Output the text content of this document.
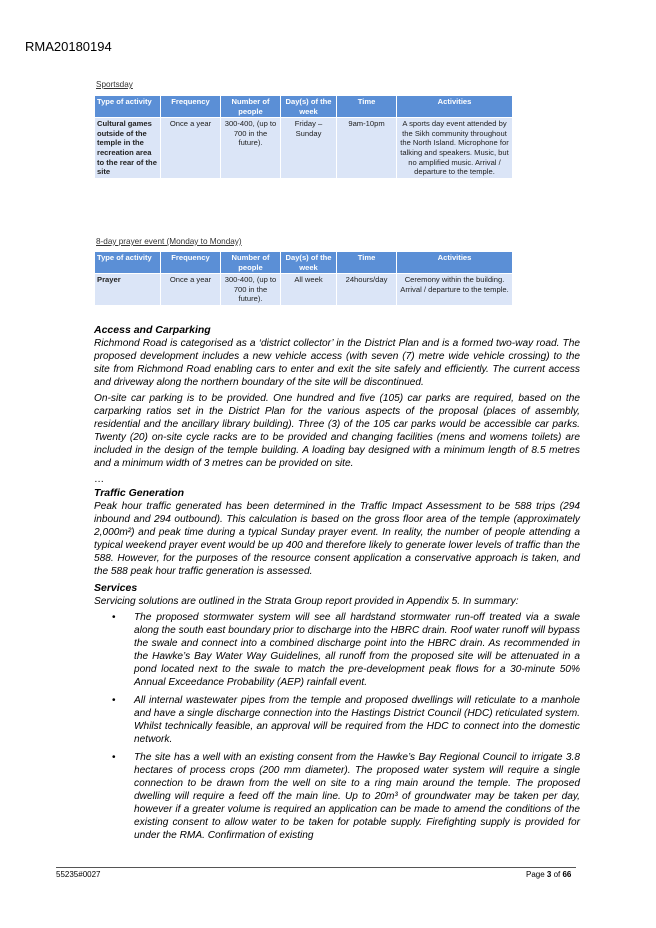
RMA20180194
Sportsday
Type of activity	Frequency	Number of people	Day(s) of the week	Time	Activities
Cultural games outside of the temple in the recreation area to the rear of the site	Once a year	300-400, (up to 700 in the future).	Friday – Sunday	9am-10pm	A sports day event attended by the Sikh community throughout the North Island. Microphone for talking and speakers. Music, but no amplified music. Arrival / departure to the temple.
8-day prayer event (Monday to Monday)
Type of activity	Frequency	Number of people	Day(s) of the week	Time	Activities
Prayer	Once a year	300-400, (up to 700 in the future).	All week	24hours/day	Ceremony within the building. Arrival / departure to the temple.
Access and Carparking

Richmond Road is categorised as a ‘district collector’ in the District Plan and is a formed two-way road. The proposed development includes a new vehicle access (with seven (7) metre wide vehicle crossing) to the site from Richmond Road enabling cars to enter and exit the site safely and efficiently. The current access and driveway along the northern boundary of the site will be discontinued.

On-site car parking is to be provided. One hundred and five (105) car parks are required, based on the carparking ratios set in the District Plan for the various aspects of the proposal (places of assembly, residential and the ancillary library building). Three (3) of the 105 car parks would be accessible car parks. Twenty (20) on-site cycle racks are to be provided and changing facilities (mens and womens toilets) are included in the design of the temple building. A loading bay designed with a minimum length of 8.5 metres and a minimum width of 3 metres can be provided on site.

…

Traffic Generation

Peak hour traffic generated has been determined in the Traffic Impact Assessment to be 588 trips (294 inbound and 294 outbound). This calculation is based on the gross floor area of the temple (approximately 2,000m²) and peak time during a typical Sunday prayer event. In reality, the number of people attending a typical weekend prayer event would be up 400 and therefore likely to generate lower levels of traffic than the 588. However, for the purposes of the resource consent application a conservative approach is taken, and the 588 peak hour traffic generation is assessed.

Services

Servicing solutions are outlined in the Strata Group report provided in Appendix 5. In summary:

• The proposed stormwater system will see all hardstand stormwater run-off treated via a swale along the south east boundary prior to discharge into the HBRC drain. Roof water runoff will bypass the swale and connect into a combined discharge point into the HBRC drain. As recommended in the Hawke’s Bay Water Way Guidelines, all runoff from the proposed site will be attenuated in a pond located next to the swale to match the pre-development peak flows for a 30-minute 50% Annual Exceedance Probability (AEP) rainfall event.
• All internal wastewater pipes from the temple and proposed dwellings will reticulate to a manhole and have a single discharge connection into the Hastings District Council (HDC) reticulated system. Whilst technically feasible, an approval will be required from the HDC to connect into the domestic network.
• The site has a well with an existing consent from the Hawke’s Bay Regional Council to irrigate 3.8 hectares of process crops (200 mm diameter). The proposed water system will require a single connection to be drawn from the well on site to a ring main around the temple. The proposed dwelling will require a feed off the main line. Up to 20m³ of groundwater may be taken per day, however if a greater volume is required an application can be made to amend the conditions of the existing consent to allow water to be taken for potable supply. Firefighting supply is provided for under the RMA. Confirmation of existing
55235#0027	Page 3 of 66
